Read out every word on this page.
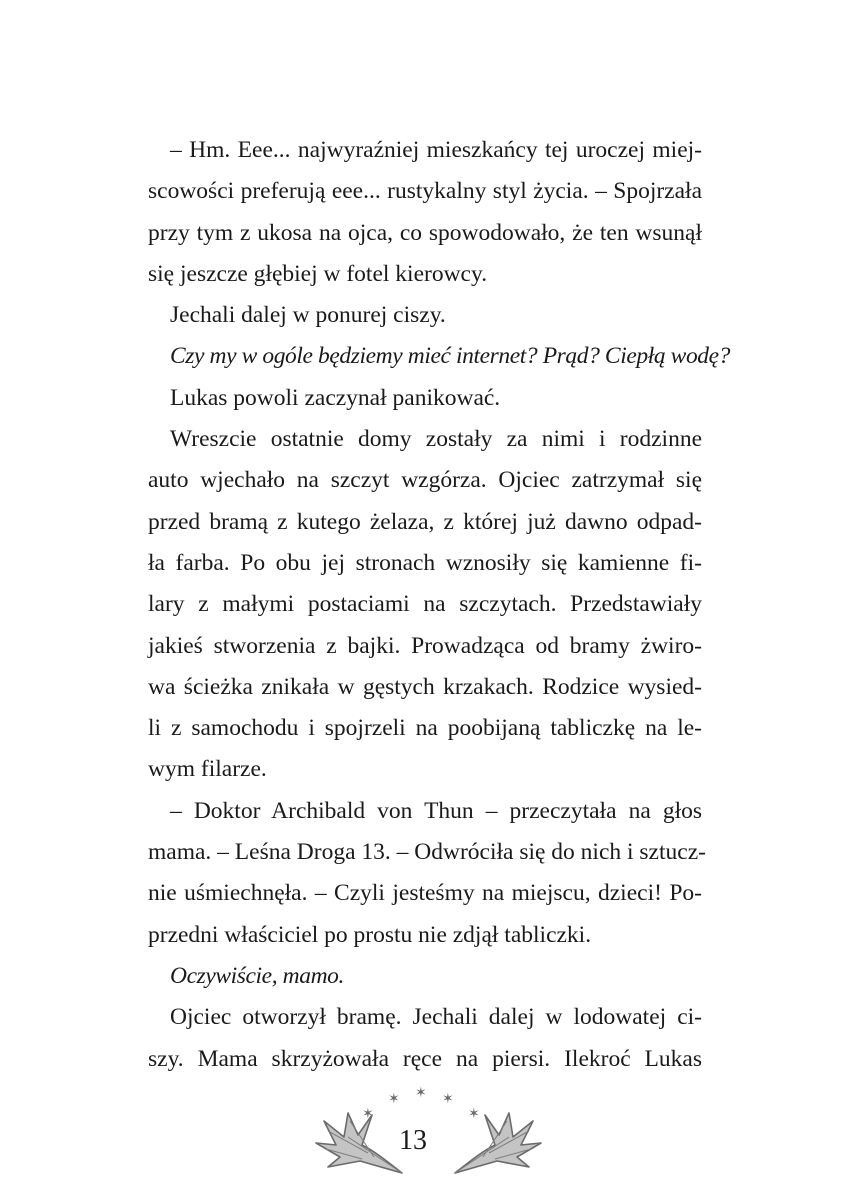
– Hm. Eee... najwyraźniej mieszkańcy tej uroczej miej-
scowości preferują eee... rustykalny styl życia. – Spojrzała
przy tym z ukosa na ojca, co spowodowało, że ten wsunął
się jeszcze głębiej w fotel kierowcy.
Jechali dalej w ponurej ciszy.
Czy my w ogóle będziemy mieć internet? Prąd? Ciepłą wodę?
Lukas powoli zaczynał panikować.
Wreszcie ostatnie domy zostały za nimi i rodzinne
auto wjechało na szczyt wzgórza. Ojciec zatrzymał się
przed bramą z kutego żelaza, z której już dawno odpad-
ła farba. Po obu jej stronach wznosiły się kamienne fi-
lary z małymi postaciami na szczytach. Przedstawiały
jakieś stworzenia z bajki. Prowadząca od bramy żwiro-
wa ścieżka znikała w gęstych krzakach. Rodzice wysied-
li z samochodu i spojrzeli na poobijaną tabliczkę na le-
wym filarze.
– Doktor Archibald von Thun – przeczytała na głos
mama. – Leśna Droga 13. – Odwróciła się do nich i sztucz-
nie uśmiechnęła. – Czyli jesteśmy na miejscu, dzieci! Po-
przedni właściciel po prostu nie zdjął tabliczki.
Oczywiście, mamo.
Ojciec otworzył bramę. Jechali dalej w lodowatej ci-
szy. Mama skrzyżowała ręce na piersi. Ilekroć Lukas
✶
✶ ✶ ✶
✶
13
